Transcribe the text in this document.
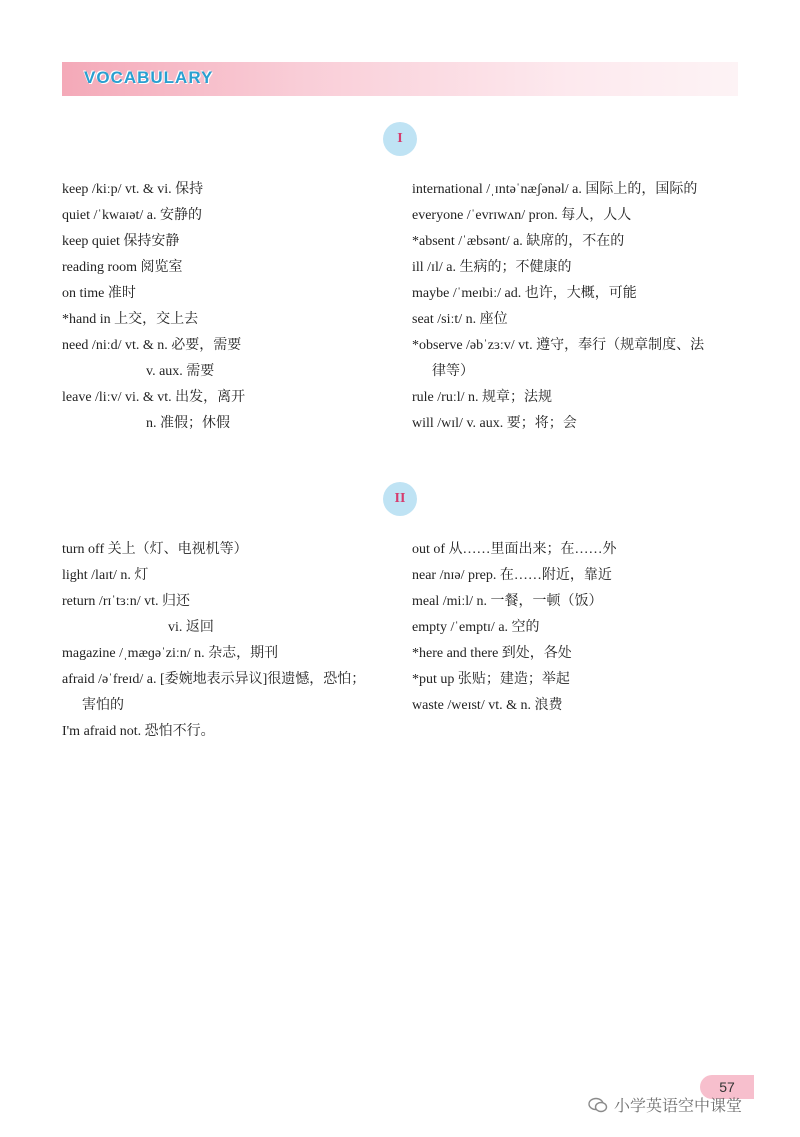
VOCABULARY
I
keep /kiːp/ vt. & vi. 保持
quiet /ˈkwaɪət/ a. 安静的
keep quiet 保持安静
reading room 阅览室
on time 准时
*hand in 上交，交上去
need /niːd/ vt. & n. 必要，需要
v. aux. 需要
leave /liːv/ vi. & vt. 出发，离开
n. 准假；休假
international /ˌɪntəˈnæʃənəl/ a. 国际上的，国际的
everyone /ˈevrɪwʌn/ pron. 每人，人人
*absent /ˈæbsənt/ a. 缺席的，不在的
ill /ɪl/ a. 生病的；不健康的
maybe /ˈmeɪbiː/ ad. 也许，大概，可能
seat /siːt/ n. 座位
*observe /əbˈzɜːv/ vt. 遵守，奉行（规章制度、法
律等）
rule /ruːl/ n. 规章；法规
will /wɪl/ v. aux. 要；将；会
II
turn off 关上（灯、电视机等）
light /laɪt/ n. 灯
return /rɪˈtɜːn/ vt. 归还
vi. 返回
magazine /ˌmæɡəˈziːn/ n. 杂志，期刊
afraid /əˈfreɪd/ a. [委婉地表示异议]很遗憾，恐怕；
害怕的
I'm afraid not. 恐怕不行。
out of 从……里面出来；在……外
near /nɪə/ prep. 在……附近，靠近
meal /miːl/ n. 一餐，一顿（饭）
empty /ˈemptɪ/ a. 空的
*here and there 到处，各处
*put up 张贴；建造；举起
waste /weɪst/ vt. & n. 浪费
57
小学英语空中课堂
